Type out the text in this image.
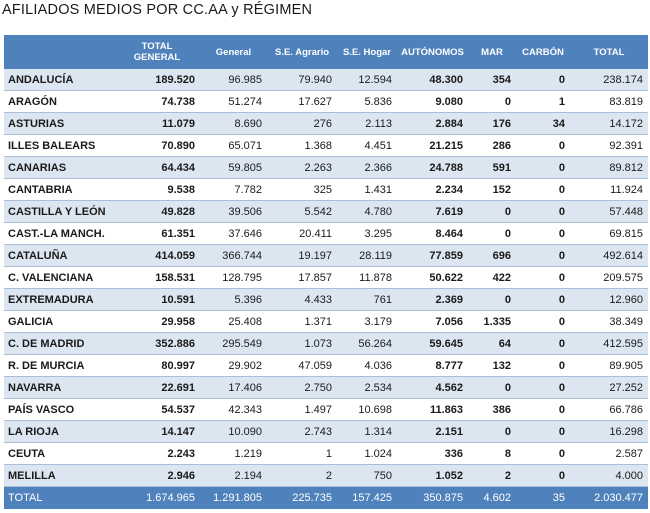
AFILIADOS MEDIOS POR CC.AA y RÉGIMEN
	TOTAL GENERAL	General	S.E. Agrario	S.E. Hogar	AUTÓNOMOS	MAR	CARBÓN	TOTAL
ANDALUCÍA	189.520	96.985	79.940	12.594	48.300	354	0	238.174
ARAGÓN	74.738	51.274	17.627	5.836	9.080	0	1	83.819
ASTURIAS	11.079	8.690	276	2.113	2.884	176	34	14.172
ILLES BALEARS	70.890	65.071	1.368	4.451	21.215	286	0	92.391
CANARIAS	64.434	59.805	2.263	2.366	24.788	591	0	89.812
CANTABRIA	9.538	7.782	325	1.431	2.234	152	0	11.924
CASTILLA Y LEÓN	49.828	39.506	5.542	4.780	7.619	0	0	57.448
CAST.-LA MANCH.	61.351	37.646	20.411	3.295	8.464	0	0	69.815
CATALUÑA	414.059	366.744	19.197	28.119	77.859	696	0	492.614
C. VALENCIANA	158.531	128.795	17.857	11.878	50.622	422	0	209.575
EXTREMADURA	10.591	5.396	4.433	761	2.369	0	0	12.960
GALICIA	29.958	25.408	1.371	3.179	7.056	1.335	0	38.349
C. DE MADRID	352.886	295.549	1.073	56.264	59.645	64	0	412.595
R. DE MURCIA	80.997	29.902	47.059	4.036	8.777	132	0	89.905
NAVARRA	22.691	17.406	2.750	2.534	4.562	0	0	27.252
PAÍS VASCO	54.537	42.343	1.497	10.698	11.863	386	0	66.786
LA RIOJA	14.147	10.090	2.743	1.314	2.151	0	0	16.298
CEUTA	2.243	1.219	1	1.024	336	8	0	2.587
MELILLA	2.946	2.194	2	750	1.052	2	0	4.000
TOTAL	1.674.965	1.291.805	225.735	157.425	350.875	4.602	35	2.030.477
